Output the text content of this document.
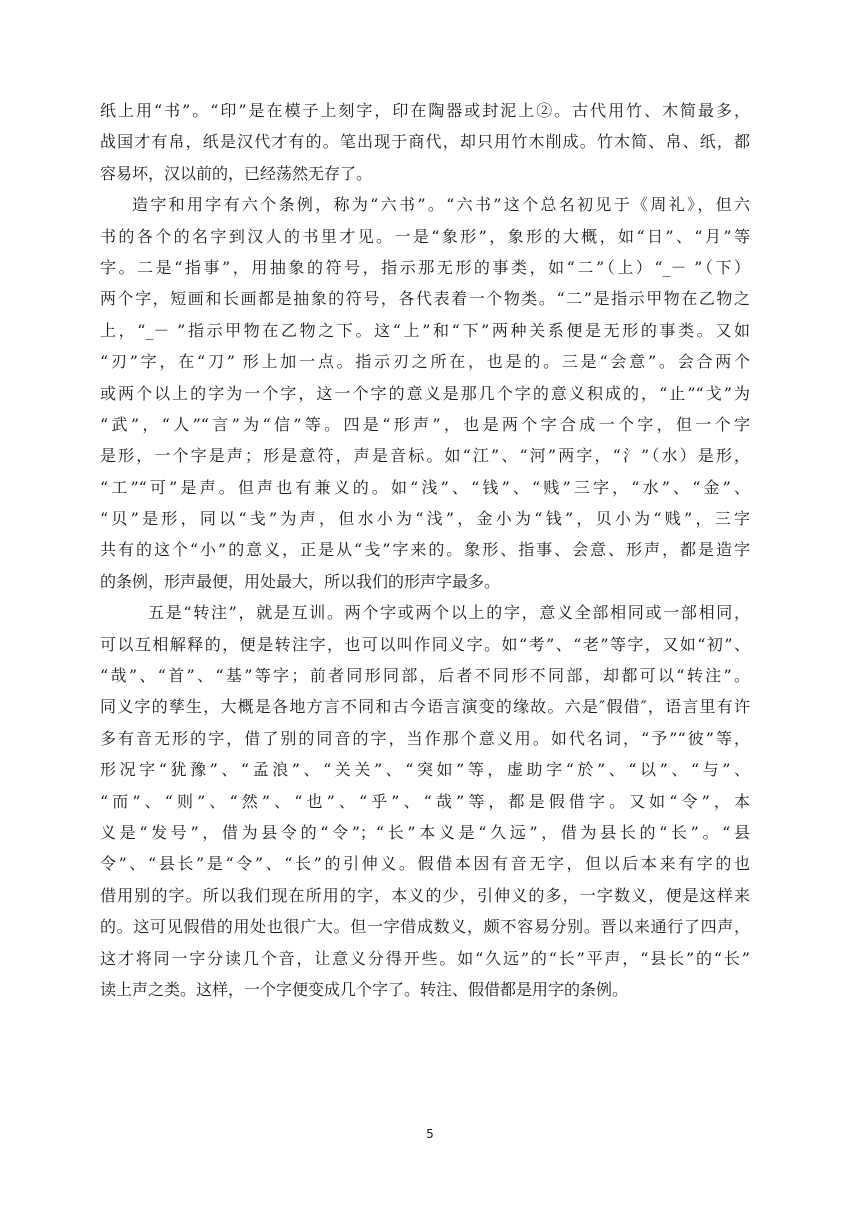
纸上用“书”。“印”是在模子上刻字，印在陶器或封泥上②。古代用竹、木简最多，
战国才有帛，纸是汉代才有的。笔出现于商代，却只用竹木削成。竹木简、帛、纸，都
容易坏，汉以前的，已经荡然无存了。
造字和用字有六个条例，称为“六书”。“六书”这个总名初见于《周礼》，但六
书的各个的名字到汉人的书里才见。一是“象形”，象形的大概，如“日”、“月”等
字。二是“指事”，用抽象的符号，指示那无形的事类，如“二”（上）“_－ ”（下）
两个字，短画和长画都是抽象的符号，各代表着一个物类。“二”是指示甲物在乙物之
上，“_－ ”指示甲物在乙物之下。这“上”和“下”两种关系便是无形的事类。又如
“刃”字，在“刀” 形上加一点。指示刃之所在，也是的。三是“会意”。会合两个
或两个以上的字为一个字，这一个字的意义是那几个字的意义积成的，“止”“戈”为
“武”，“人”“言”为“信”等。四是“形声”，也是两个字合成一个字，但一个字
是形，一个字是声；形是意符，声是音标。如“江”、“河”两字，“氵”（水）是形，
“工”“可”是声。但声也有兼义的。如“浅”、“钱”、“贱”三字，“水”、“金”、
“贝”是形，同以“戋”为声，但水小为“浅”，金小为“钱”，贝小为“贱”，三字
共有的这个“小”的意义，正是从“戋”字来的。象形、指事、会意、形声，都是造字
的条例，形声最便，用处最大，所以我们的形声字最多。
五是“转注”，就是互训。两个字或两个以上的字，意义全部相同或一部相同，
可以互相解释的，便是转注字，也可以叫作同义字。如“考”、“老”等字，又如“初”、
“哉”、“首”、“基”等字；前者同形同部，后者不同形不同部，却都可以“转注”。
同义字的孳生，大概是各地方言不同和古今语言演变的缘故。六是″假借″，语言里有许
多有音无形的字，借了别的同音的字，当作那个意义用。如代名词，“予”“彼”等，
形况字“犹豫”、“孟浪”、“关关”、“突如”等，虚助字“於”、“以”、“与”、
“而”、“则”、“然”、“也”、“乎”、“哉”等，都是假借字。又如“令”，本
义是“发号”，借为县令的“令”；“长”本义是“久远”，借为县长的“长”。“县
令”、“县长”是“令”、“长”的引伸义。假借本因有音无字，但以后本来有字的也
借用别的字。所以我们现在所用的字，本义的少，引伸义的多，一字数义，便是这样来
的。这可见假借的用处也很广大。但一字借成数义，颇不容易分别。晋以来通行了四声，
这才将同一字分读几个音，让意义分得开些。如“久远”的“长”平声，“县长”的“长”
读上声之类。这样，一个字便变成几个字了。转注、假借都是用字的条例。
5
